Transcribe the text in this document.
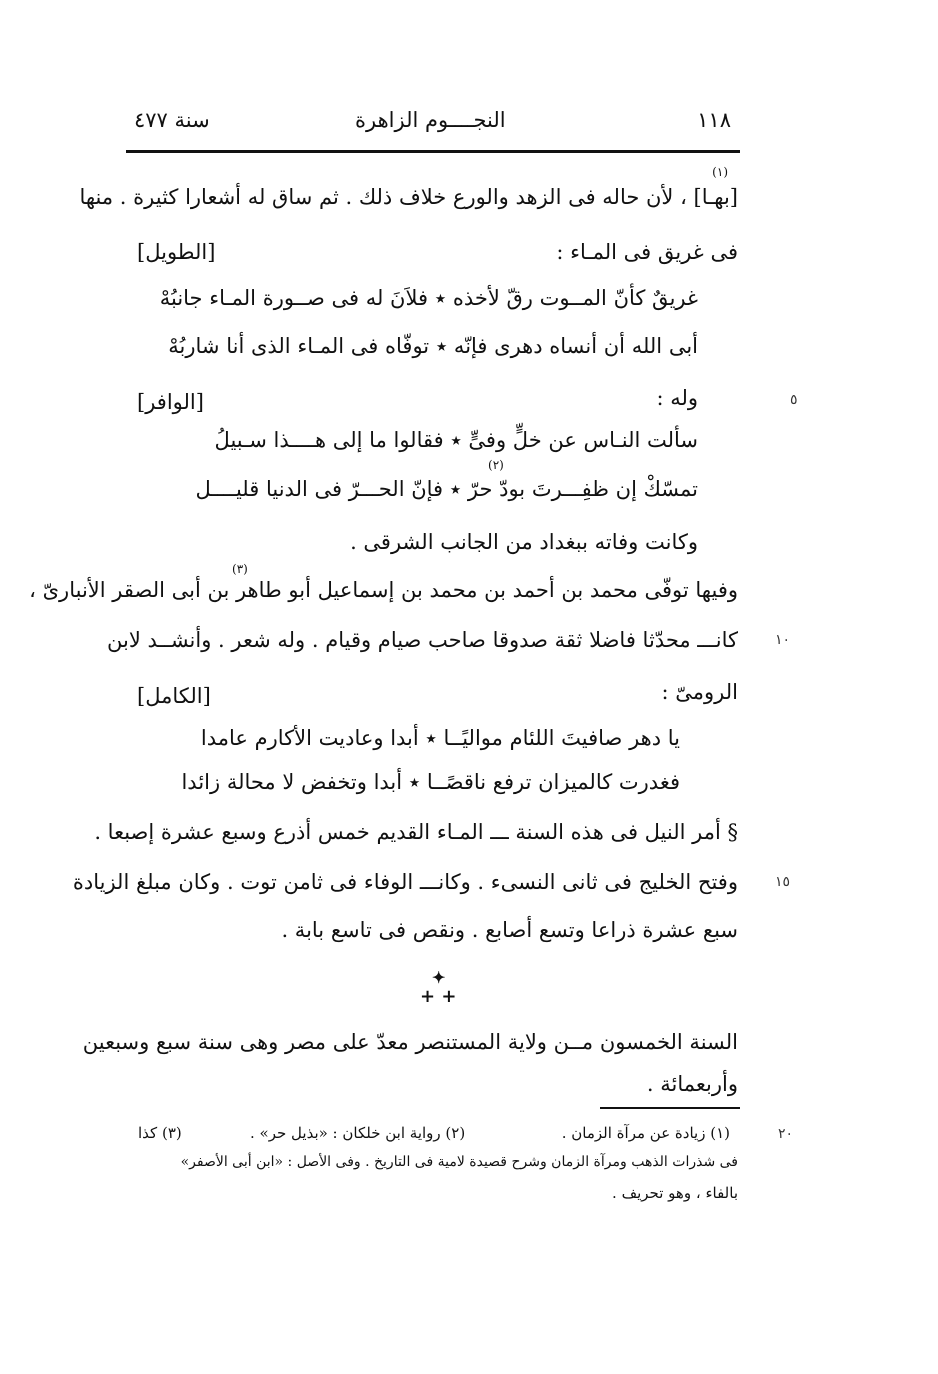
١١٨
النجــــوم الزاهرة
سنة ٤٧٧
(١)
[بهـا] ، لأن حاله فى الزهد والورع خلاف ذلك . ثم ساق له أشعارا كثيرة . منها
فى غريق فى المـاء :
[الطويل]
غريقٌ كأنّ المــوت رقّ لأخذه ٭ فلاَنَ له فى صــورة المـاء جانبُهْ
أبى الله أن أنساه دهرى فإنّه ٭ توفّاه فى المـاء الذى أنا شاربُهْ
وله :
[الوافر]	٥
سألت النـاس عن خلٍّ وفىٍّ ٭ فقالوا ما إلى هــــذا سـبيلُ
(٢)
تمسّكْ إن ظفِـــرتَ بودّ حرّ ٭ فإنّ الحـــرّ فى الدنيا قليــــل
وكانت وفاته ببغداد من الجانب الشرقى .
(٣)
وفيها توفّى محمد بن أحمد بن محمد بن إسماعيل أبو طاهر بن أبى الصقر الأنبارىّ ،
كانـــ محدّثا فاضلا ثقة صدوقا صاحب صيام وقيام . وله شعر . وأنشــد لابن	١٠
الرومىّ :
[الكامل]
يا دهر صافيتَ اللئام مواليًــا ٭ أبدا وعاديت الأكارم عامدا
فغدرت كالميزان ترفع ناقصًــا ٭ أبدا وتخفض لا محالة زائدا
§ أمر النيل فى هذه السنة ـــ المـاء القديم خمس أذرع وسبع عشرة إصبعا .
وفتح الخليج فى ثانى النسىء . وكانـــ الوفاء فى ثامن توت . وكان مبلغ الزيادة	١٥
سبع عشرة ذراعا وتسع أصابع . ونقص فى تاسع بابة .
✦
+ +
السنة الخمسون مــن ولاية المستنصر معدّ على مصر وهى سنة سبع وسبعين
وأربعمائة .
(١) زيادة عن مرآة الزمان .
(٢) رواية ابن خلكان : «بذيل حر» .
(٣) كذا	٢٠
فى شذرات الذهب ومرآة الزمان وشرح قصيدة لامية فى التاريخ . وفى الأصل : «ابن أبى الأصفر»
بالفاء ، وهو تحريف .
